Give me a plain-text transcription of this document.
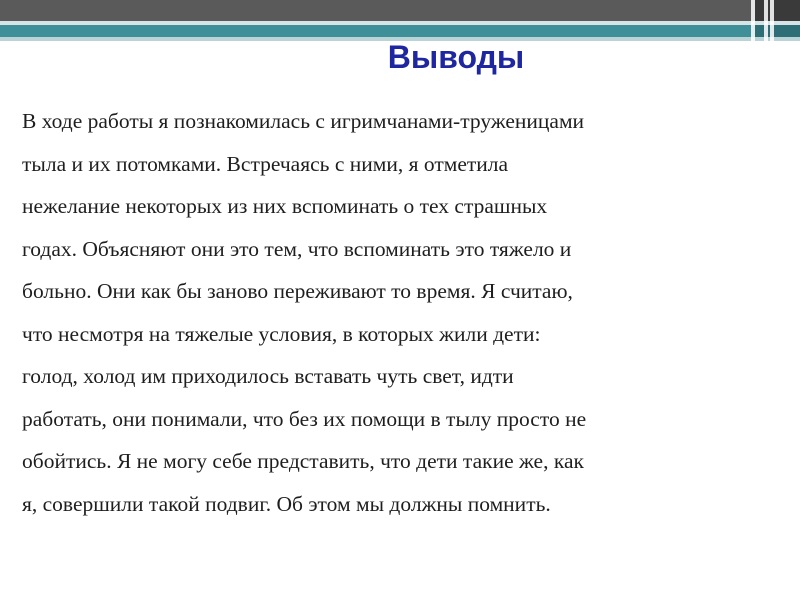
Выводы

В ходе работы я познакомилась с игримчанами-труженицами
тыла и их потомками. Встречаясь с ними, я отметила
нежелание некоторых из них вспоминать о тех страшных
годах. Объясняют они это тем, что вспоминать это тяжело и
больно. Они как бы заново переживают то время. Я считаю,
что несмотря на тяжелые условия, в которых жили дети:
голод, холод им приходилось вставать чуть свет, идти
работать, они понимали, что без их помощи в тылу просто не
обойтись. Я не могу себе представить, что дети такие же, как
я, совершили такой подвиг. Об этом мы должны помнить.
